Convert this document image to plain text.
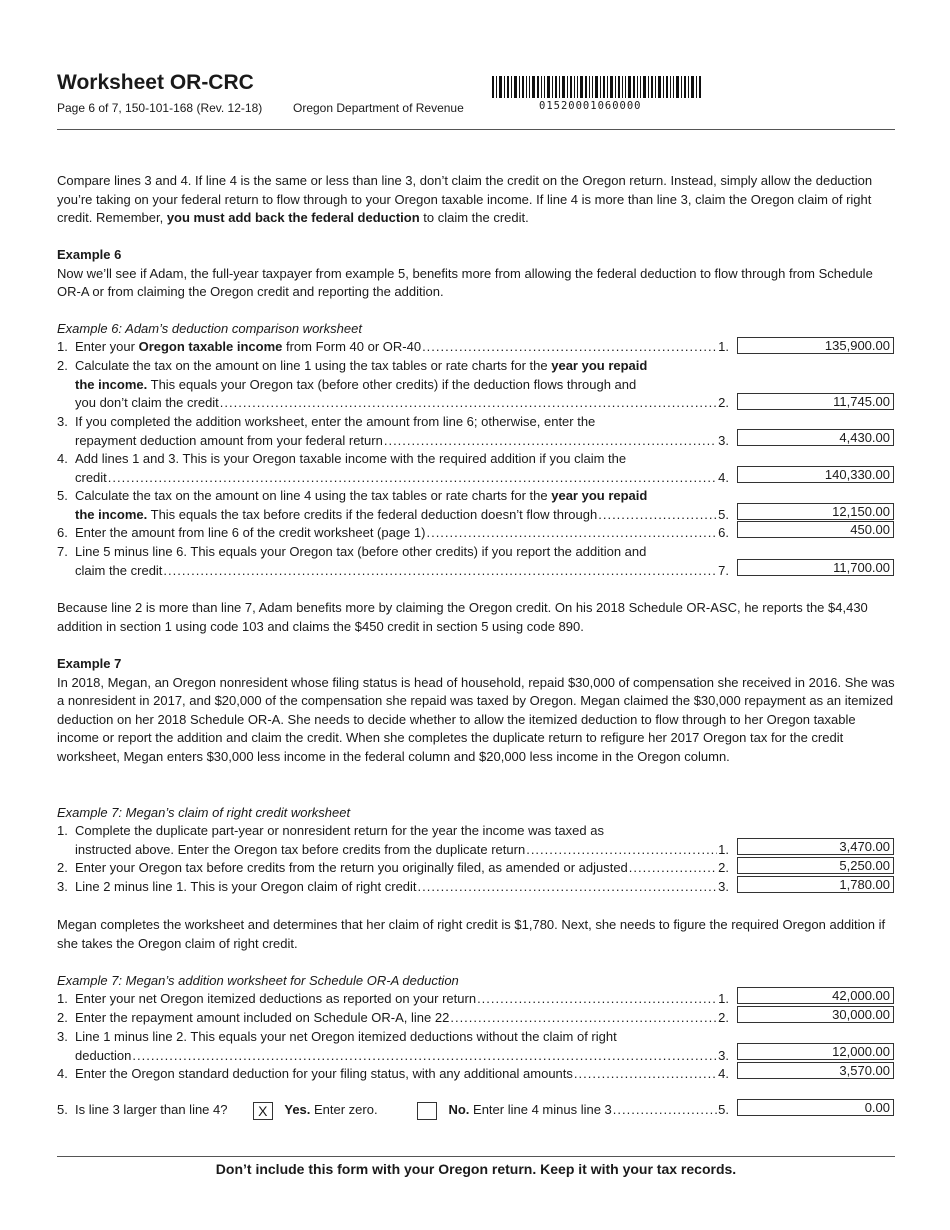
Worksheet OR-CRC
Page 6 of 7, 150-101-168 (Rev. 12-18)	Oregon Department of Revenue	01520001060000

Compare lines 3 and 4. If line 4 is the same or less than line 3, don’t claim the credit on the Oregon return. Instead, simply allow the deduction you’re taking on your federal return to flow through to your Oregon taxable income. If line 4 is more than line 3, claim the Oregon claim of right credit. Remember, you must add back the federal deduction to claim the credit.

Example 6

Now we’ll see if Adam, the full-year taxpayer from example 5, benefits more from allowing the federal deduction to flow through from Schedule OR-A or from claiming the Oregon credit and reporting the addition.

Example 6: Adam’s deduction comparison worksheet

1. Enter your Oregon taxable income from Form 40 or OR-40 .....	1.	135,900.00
2. Calculate the tax on the amount on line 1 using the tax tables or rate charts for the year you repaid
the income. This equals your Oregon tax (before other credits) if the deduction flows through and
you don’t claim the credit .....	2.	11,745.00
3. If you completed the addition worksheet, enter the amount from line 6; otherwise, enter the
repayment deduction amount from your federal return .....	3.	4,430.00
4. Add lines 1 and 3. This is your Oregon taxable income with the required addition if you claim the
credit .....	4.	140,330.00
5. Calculate the tax on the amount on line 4 using the tax tables or rate charts for the year you repaid
the income. This equals the tax before credits if the federal deduction doesn’t flow through .....	5.	12,150.00
6. Enter the amount from line 6 of the credit worksheet (page 1) .....	6.	450.00
7. Line 5 minus line 6. This equals your Oregon tax (before other credits) if you report the addition and
claim the credit .....	7.	11,700.00

Because line 2 is more than line 7, Adam benefits more by claiming the Oregon credit. On his 2018 Schedule OR-ASC, he reports the $4,430 addition in section 1 using code 103 and claims the $450 credit in section 5 using code 890.

Example 7

In 2018, Megan, an Oregon nonresident whose filing status is head of household, repaid $30,000 of compensation she received in 2016. She was a nonresident in 2017, and $20,000 of the compensation she repaid was taxed by Oregon. Megan claimed the $30,000 repayment as an itemized deduction on her 2018 Schedule OR-A. She needs to decide whether to allow the itemized deduction to flow through to her Oregon taxable income or report the addition and claim the credit. When she completes the duplicate return to refigure her 2017 Oregon tax for the credit worksheet, Megan enters $30,000 less income in the federal column and $20,000 less income in the Oregon column.

Example 7: Megan’s claim of right credit worksheet

1. Complete the duplicate part-year or nonresident return for the year the income was taxed as
instructed above. Enter the Oregon tax before credits from the duplicate return .....	1.	3,470.00
2. Enter your Oregon tax before credits from the return you originally filed, as amended or adjusted .....	2.	5,250.00
3. Line 2 minus line 1. This is your Oregon claim of right credit .....	3.	1,780.00

Megan completes the worksheet and determines that her claim of right credit is $1,780. Next, she needs to figure the required Oregon addition if she takes the Oregon claim of right credit.

Example 7: Megan’s addition worksheet for Schedule OR-A deduction

1. Enter your net Oregon itemized deductions as reported on your return .....	1.	42,000.00
2. Enter the repayment amount included on Schedule OR-A, line 22 .....	2.	30,000.00
3. Line 1 minus line 2. This equals your net Oregon itemized deductions without the claim of right
deduction .....	3.	12,000.00
4. Enter the Oregon standard deduction for your filing status, with any additional amounts .....	4.	3,570.00
5. Is line 3 larger than line 4? X Yes. Enter zero.	No. Enter line 4 minus line 3 .....	5.	0.00
Don’t include this form with your Oregon return. Keep it with your tax records.
